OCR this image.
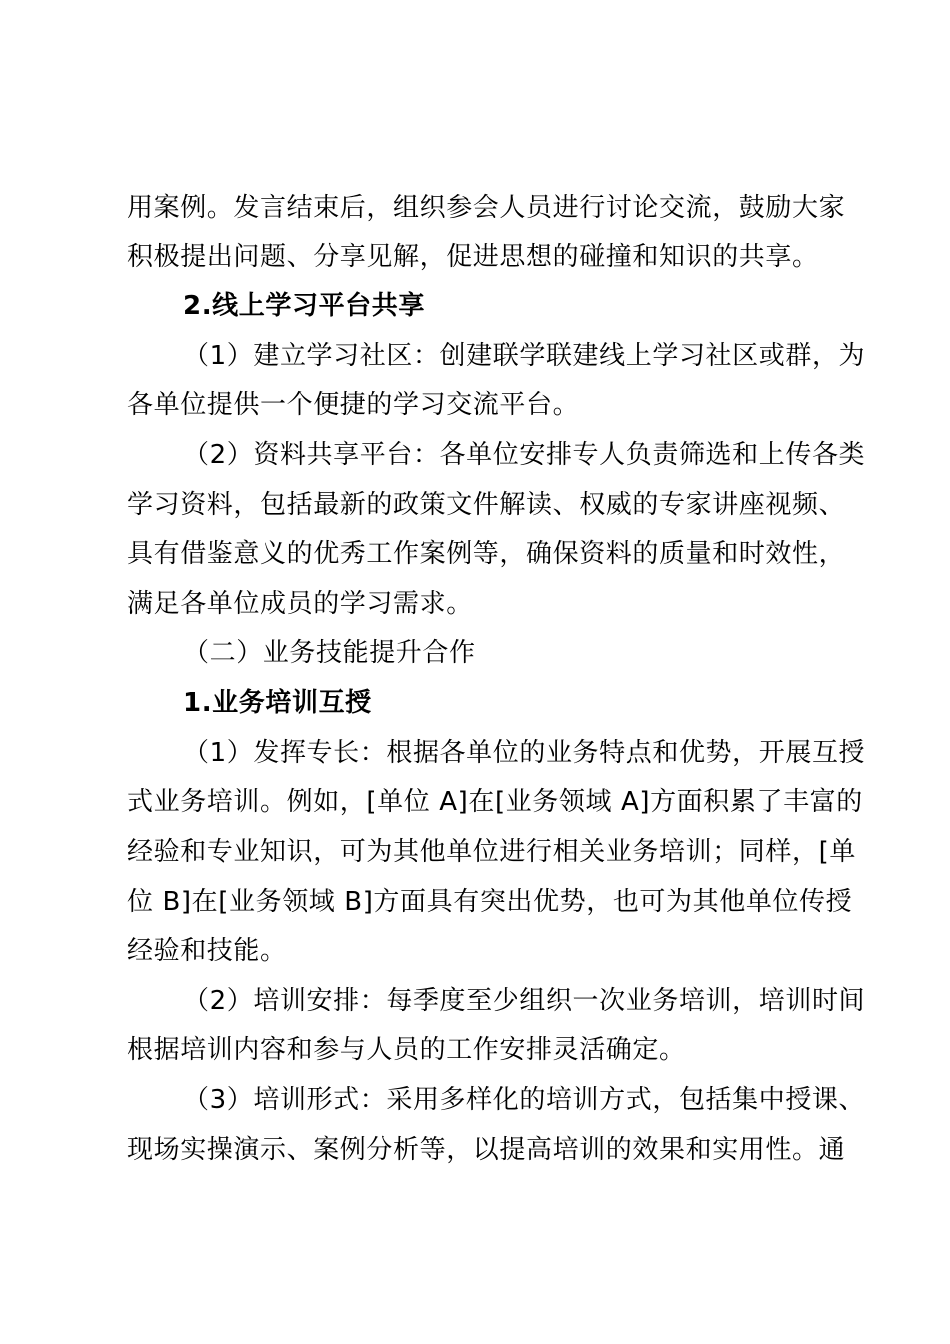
用案例。发言结束后，组织参会人员进行讨论交流，鼓励大家
积极提出问题、分享见解，促进思想的碰撞和知识的共享。
2.线上学习平台共享
（1）建立学习社区：创建联学联建线上学习社区或群，为
各单位提供一个便捷的学习交流平台。
（2）资料共享平台：各单位安排专人负责筛选和上传各类
学习资料，包括最新的政策文件解读、权威的专家讲座视频、
具有借鉴意义的优秀工作案例等，确保资料的质量和时效性，
满足各单位成员的学习需求。
（二）业务技能提升合作
1.业务培训互授
（1）发挥专长：根据各单位的业务特点和优势，开展互授
式业务培训。例如，[单位 A]在[业务领域 A]方面积累了丰富的
经验和专业知识，可为其他单位进行相关业务培训；同样，[单
位 B]在[业务领域 B]方面具有突出优势，也可为其他单位传授
经验和技能。
（2）培训安排：每季度至少组织一次业务培训，培训时间
根据培训内容和参与人员的工作安排灵活确定。
（3）培训形式：采用多样化的培训方式，包括集中授课、
现场实操演示、案例分析等，以提高培训的效果和实用性。通
